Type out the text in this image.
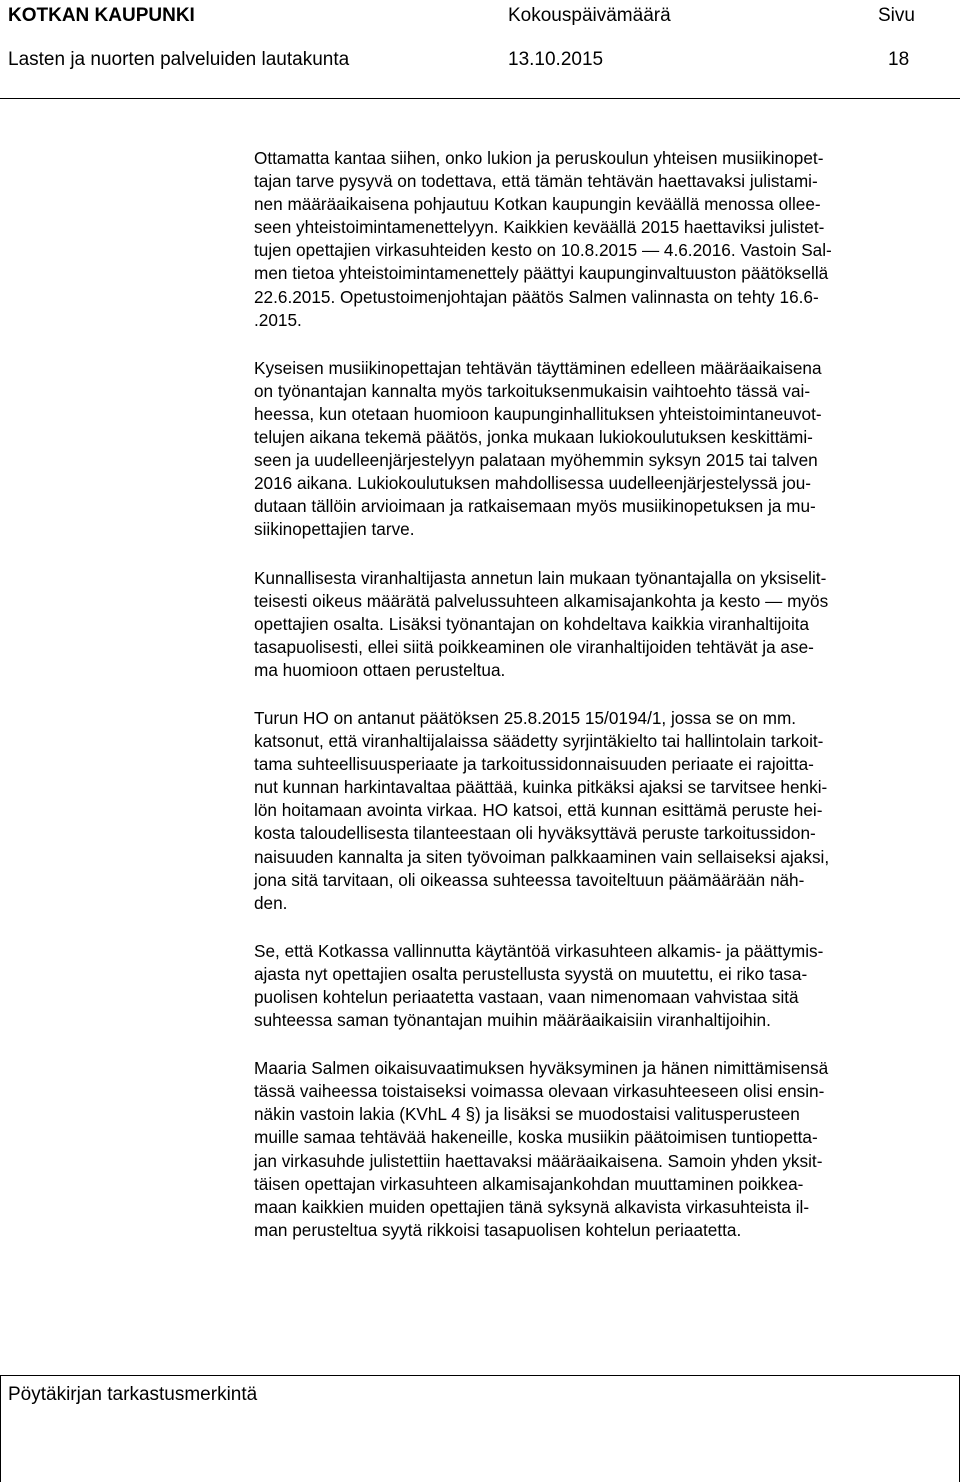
KOTKAN KAUPUNKI	Kokouspäivämäärä	Sivu
Lasten ja nuorten palveluiden lautakunta	13.10.2015	18
Ottamatta kantaa siihen, onko lukion ja peruskoulun yhteisen musiikinopet-
tajan tarve pysyvä on todettava, että tämän tehtävän haettavaksi julistami-
nen määräaikaisena pohjautuu Kotkan kaupungin keväällä menossa olleе-
seen yhteistoimintamenettelyyn. Kaikkien keväällä 2015 haettaviksi julistet-
tujen opettajien virkasuhteiden kesto on 10.8.2015 — 4.6.2016. Vastoin Sal-
men tietoa yhteistoimintamenettely päättyi kaupunginvaltuuston päätöksellä
22.6.2015. Opetustoimenjohtajan päätös Salmen valinnasta on tehty 16.6-
.2015.
Kyseisen musiikinopettajan tehtävän täyttäminen edelleen määräaikaisena
on työnantajan kannalta myös tarkoituksenmukaisin vaihtoehto tässä vai-
heessa, kun otetaan huomioon kaupunginhallituksen yhteistoimintaneuvot-
telujen aikana tekemä päätös, jonka mukaan lukiokoulutuksen keskittämi-
seen ja uudelleenjärjestelyyn palataan myöhemmin syksyn 2015 tai talven
2016 aikana. Lukiokoulutuksen mahdollisessa uudelleenjärjestelyssä jou-
dutaan tällöin arvioimaan ja ratkaisemaan myös musiikinopetuksen ja mu-
siikinopettajien tarve.
Kunnallisesta viranhaltijasta annetun lain mukaan työnantajalla on yksiselit-
teisesti oikeus määrätä palvelussuhteen alkamisajankohta ja kesto — myös
opettajien osalta. Lisäksi työnantajan on kohdeltava kaikkia viranhaltijoita
tasapuolisesti, ellei siitä poikkeaminen ole viranhaltijoiden tehtävät ja ase-
ma huomioon ottaen perusteltua.
Turun HO on antanut päätöksen 25.8.2015 15/0194/1, jossa se on mm.
katsonut, että viranhaltijalaissa säädetty syrjintäkielto tai hallintolain tarkoit-
tama suhteellisuusperiaate ja tarkoitussidonnaisuuden periaate ei rajoitta-
nut kunnan harkintavaltaa päättää, kuinka pitkäksi ajaksi se tarvitsee henki-
lön hoitamaan avointa virkaa. HO katsoi, että kunnan esittämä peruste hei-
kosta taloudellisesta tilanteestaan oli hyväksyttävä peruste tarkoitussidon-
naisuuden kannalta ja siten työvoiman palkkaaminen vain sellaiseksi ajaksi,
jona sitä tarvitaan, oli oikeassa suhteessa tavoiteltuun päämäärään näh-
den.
Se, että Kotkassa vallinnutta käytäntöä virkasuhteen alkamis- ja päättymis-
ajasta nyt opettajien osalta perustellusta syystä on muutettu, ei riko tasa-
puolisen kohtelun periaatetta vastaan, vaan nimenomaan vahvistaa sitä
suhteessa saman työnantajan muihin määräaikaisiin viranhaltijoihin.
Maaria Salmen oikaisuvaatimuksen hyväksyminen ja hänen nimittämisensä
tässä vaiheessa toistaiseksi voimassa olevaan virkasuhteeseen olisi ensin-
näkin vastoin lakia (KVhL 4 §) ja lisäksi se muodostaisi valitusperusteen
muille samaa tehtävää hakeneille, koska musiikin päätoimisen tuntiopetta-
jan virkasuhde julistettiin haettavaksi määräaikaisena. Samoin yhden yksit-
täisen opettajan virkasuhteen alkamisajankohdan muuttaminen poikkea-
maan kaikkien muiden opettajien tänä syksynä alkavista virkasuhteista il-
man perusteltua syytä rikkoisi tasapuolisen kohtelun periaatetta.
Pöytäkirjan tarkastusmerkintä
